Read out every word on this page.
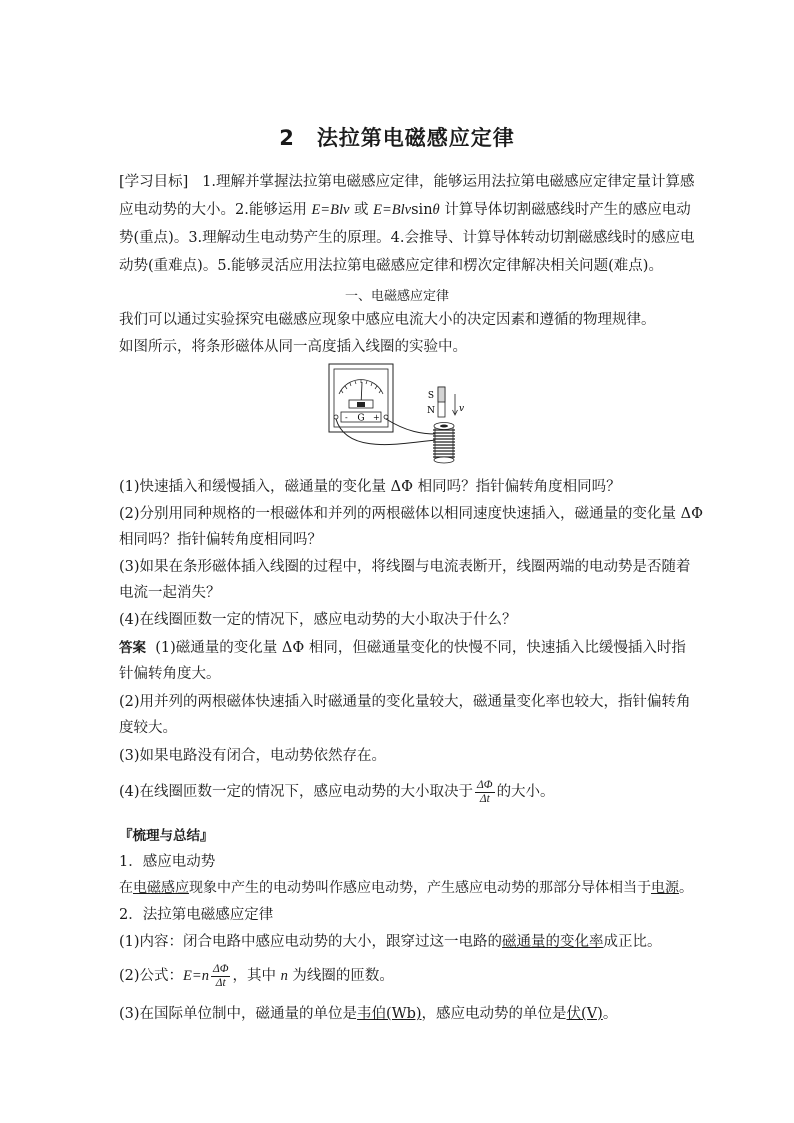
2 法拉第电磁感应定律
[学习目标] 1.理解并掌握法拉第电磁感应定律，能够运用法拉第电磁感应定律定量计算感
应电动势的大小。2.能够运用 E=Blv 或 E=Blvsinθ 计算导体切割磁感线时产生的感应电动
势(重点)。3.理解动生电动势产生的原理。4.会推导、计算导体转动切割磁感线时的感应电
动势(重难点)。5.能够灵活应用法拉第电磁感应定律和楞次定律解决相关问题(难点)。
一、电磁感应定律
我们可以通过实验探究电磁感应现象中感应电流大小的决定因素和遵循的物理规律。
如图所示，将条形磁体从同一高度插入线圈的实验中。
G
-	+
S
N	v
(1)快速插入和缓慢插入，磁通量的变化量 ΔΦ 相同吗？指针偏转角度相同吗？
(2)分别用同种规格的一根磁体和并列的两根磁体以相同速度快速插入，磁通量的变化量 ΔΦ
相同吗？指针偏转角度相同吗？
(3)如果在条形磁体插入线圈的过程中，将线圈与电流表断开，线圈两端的电动势是否随着
电流一起消失？
(4)在线圈匝数一定的情况下，感应电动势的大小取决于什么？
答案 (1)磁通量的变化量 ΔΦ 相同，但磁通量变化的快慢不同，快速插入比缓慢插入时指
针偏转角度大。
(2)用并列的两根磁体快速插入时磁通量的变化量较大，磁通量变化率也较大，指针偏转角
度较大。
(3)如果电路没有闭合，电动势依然存在。
(4)在线圈匝数一定的情况下，感应电动势的大小取决于 $\frac{\Delta\Phi}{\Delta t}$ 的大小。
『梳理与总结』
1．感应电动势
在电磁感应现象中产生的电动势叫作感应电动势，产生感应电动势的那部分导体相当于电源。
2．法拉第电磁感应定律
(1)内容：闭合电路中感应电动势的大小，跟穿过这一电路的磁通量的变化率成正比。
(2)公式：$E=n \frac{\Delta\Phi}{\Delta t}$ ，其中 n 为线圈的匝数。
(3)在国际单位制中，磁通量的单位是韦伯(Wb)，感应电动势的单位是伏(V)。
